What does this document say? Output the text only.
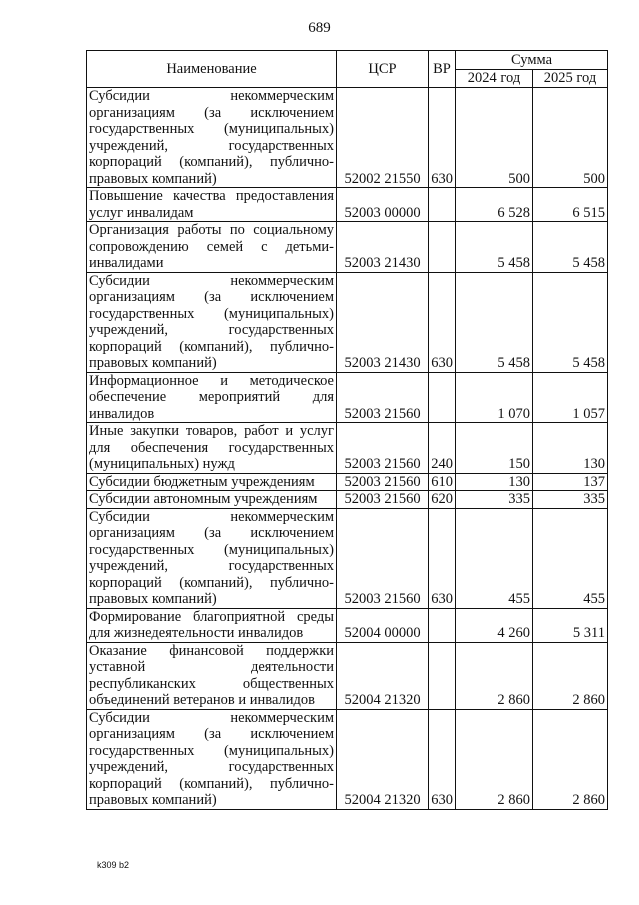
689
Наименование	ЦСР	ВР	Сумма	
			2024 год	2025 год
Субсидии некоммерческим организациям (за исключением государственных (муниципальных) учреждений, государственных корпораций (компаний), публично-правовых компаний)	52002 21550	630	500	500
Повышение качества предоставления услуг инвалидам	52003 00000		6 528	6 515
Организация работы по социальному сопровождению семей с детьми-инвалидами	52003 21430		5 458	5 458
Субсидии некоммерческим организациям (за исключением государственных (муниципальных) учреждений, государственных корпораций (компаний), публично-правовых компаний)	52003 21430	630	5 458	5 458
Информационное и методическое обеспечение мероприятий для инвалидов	52003 21560		1 070	1 057
Иные закупки товаров, работ и услуг для обеспечения государственных (муниципальных) нужд	52003 21560	240	150	130
Субсидии бюджетным учреждениям	52003 21560	610	130	137
Субсидии автономным учреждениям	52003 21560	620	335	335
Субсидии некоммерческим организациям (за исключением государственных (муниципальных) учреждений, государственных корпораций (компаний), публично-правовых компаний)	52003 21560	630	455	455
Формирование благоприятной среды для жизнедеятельности инвалидов	52004 00000		4 260	5 311
Оказание финансовой поддержки уставной деятельности республиканских общественных объединений ветеранов и инвалидов	52004 21320		2 860	2 860
Субсидии некоммерческим организациям (за исключением государственных (муниципальных) учреждений, государственных корпораций (компаний), публично-правовых компаний)	52004 21320	630	2 860	2 860
k309 b2
